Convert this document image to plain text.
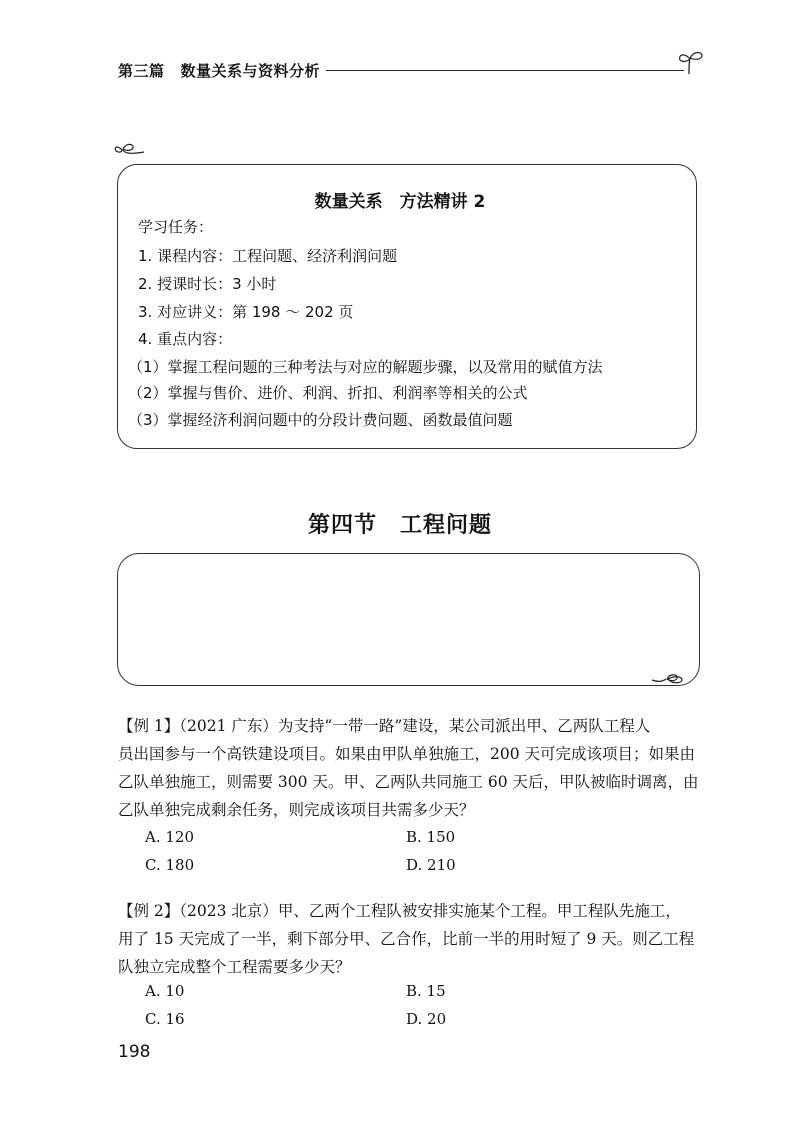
第三篇 数量关系与资料分析
数量关系　方法精讲 2
学习任务：
1. 课程内容：工程问题、经济利润问题
2. 授课时长：3 小时
3. 对应讲义：第 198 ～ 202 页
4. 重点内容：
（1）掌握工程问题的三种考法与对应的解题步骤，以及常用的赋值方法
（2）掌握与售价、进价、利润、折扣、利润率等相关的公式
（3）掌握经济利润问题中的分段计费问题、函数最值问题
第四节　工程问题
【例 1】（2021 广东）为支持“一带一路”建设，某公司派出甲、乙两队工程人
员出国参与一个高铁建设项目。如果由甲队单独施工，200 天可完成该项目；如果由
乙队单独施工，则需要 300 天。甲、乙两队共同施工 60 天后，甲队被临时调离，由
乙队单独完成剩余任务，则完成该项目共需多少天？
A. 120	B. 150
C. 180	D. 210
【例 2】（2023 北京）甲、乙两个工程队被安排实施某个工程。甲工程队先施工，
用了 15 天完成了一半，剩下部分甲、乙合作，比前一半的用时短了 9 天。则乙工程
队独立完成整个工程需要多少天？
A. 10	B. 15
C. 16	D. 20
198
